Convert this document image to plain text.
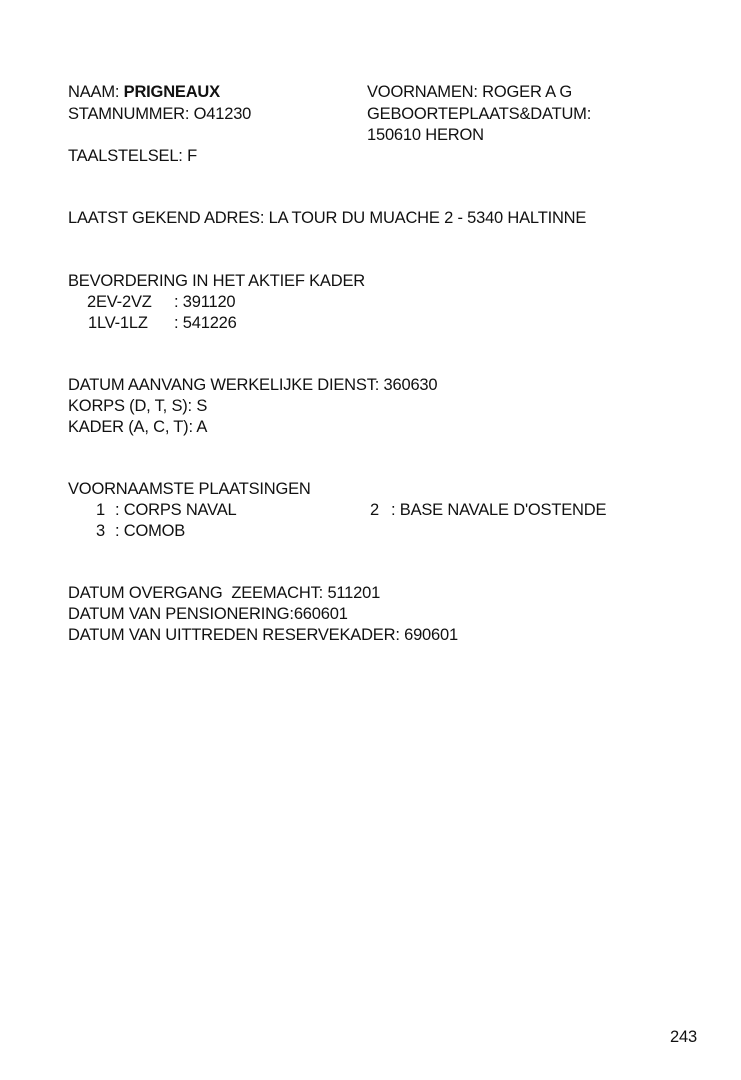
NAAM: PRIGNEAUX	VOORNAMEN: ROGER A G
STAMNUMMER: O41230	GEBOORTEPLAATS&DATUM:
150610 HERON
TAALSTELSEL: F
LAATST GEKEND ADRES: LA TOUR DU MUACHE 2 - 5340 HALTINNE
BEVORDERING IN HET AKTIEF KADER
2EV-2VZ : 391120
1LV-1LZ : 541226
DATUM AANVANG WERKELIJKE DIENST: 360630
KORPS (D, T, S): S
KADER (A, C, T): A
VOORNAAMSTE PLAATSINGEN
1 : CORPS NAVAL	2 : BASE NAVALE D'OSTENDE
3 : COMOB
DATUM OVERGANG  ZEEMACHT: 511201
DATUM VAN PENSIONERING:660601
DATUM VAN UITTREDEN RESERVEKADER: 690601
243
